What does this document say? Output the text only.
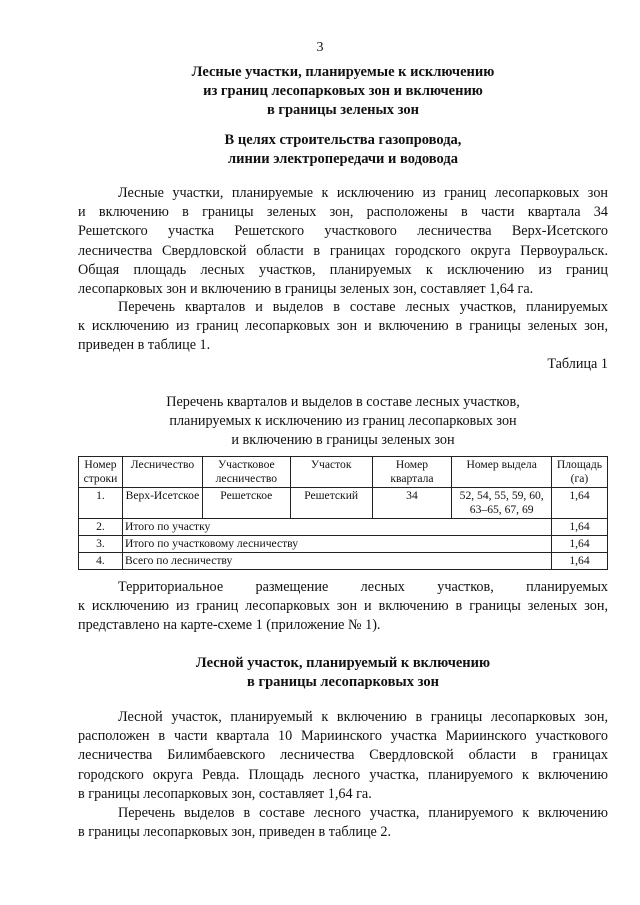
3
Лесные участки, планируемые к исключению
из границ лесопарковых зон и включению
в границы зеленых зон
В целях строительства газопровода,
линии электропередачи и водовода
Лесные участки, планируемые к исключению из границ лесопарковых зон
и включению в границы зеленых зон, расположены в части квартала 34
Решетского участка Решетского участкового лесничества Верх-Исетского
лесничества Свердловской области в границах городского округа Первоуральск.
Общая площадь лесных участков, планируемых к исключению из границ
лесопарковых зон и включению в границы зеленых зон, составляет 1,64 га.
Перечень кварталов и выделов в составе лесных участков, планируемых
к исключению из границ лесопарковых зон и включению в границы зеленых зон,
приведен в таблице 1.
Таблица 1
Перечень кварталов и выделов в составе лесных участков,
планируемых к исключению из границ лесопарковых зон
и включению в границы зеленых зон
Номер строки	Лесничество	Участковое лесничество	Участок	Номер квартала	Номер выдела	Площадь (га)
1.	Верх-Исетское	Решетское	Решетский	34	52, 54, 55, 59, 60, 63–65, 67, 69	1,64
2.	Итого по участку					1,64
3.	Итого по участковому лесничеству					1,64
4.	Всего по лесничеству					1,64
Территориальное размещение лесных участков, планируемых
к исключению из границ лесопарковых зон и включению в границы зеленых зон,
представлено на карте-схеме 1 (приложение № 1).
Лесной участок, планируемый к включению
в границы лесопарковых зон
Лесной участок, планируемый к включению в границы лесопарковых зон,
расположен в части квартала 10 Мариинского участка Мариинского участкового
лесничества Билимбаевского лесничества Свердловской области в границах
городского округа Ревда. Площадь лесного участка, планируемого к включению
в границы лесопарковых зон, составляет 1,64 га.
Перечень выделов в составе лесного участка, планируемого к включению
в границы лесопарковых зон, приведен в таблице 2.
